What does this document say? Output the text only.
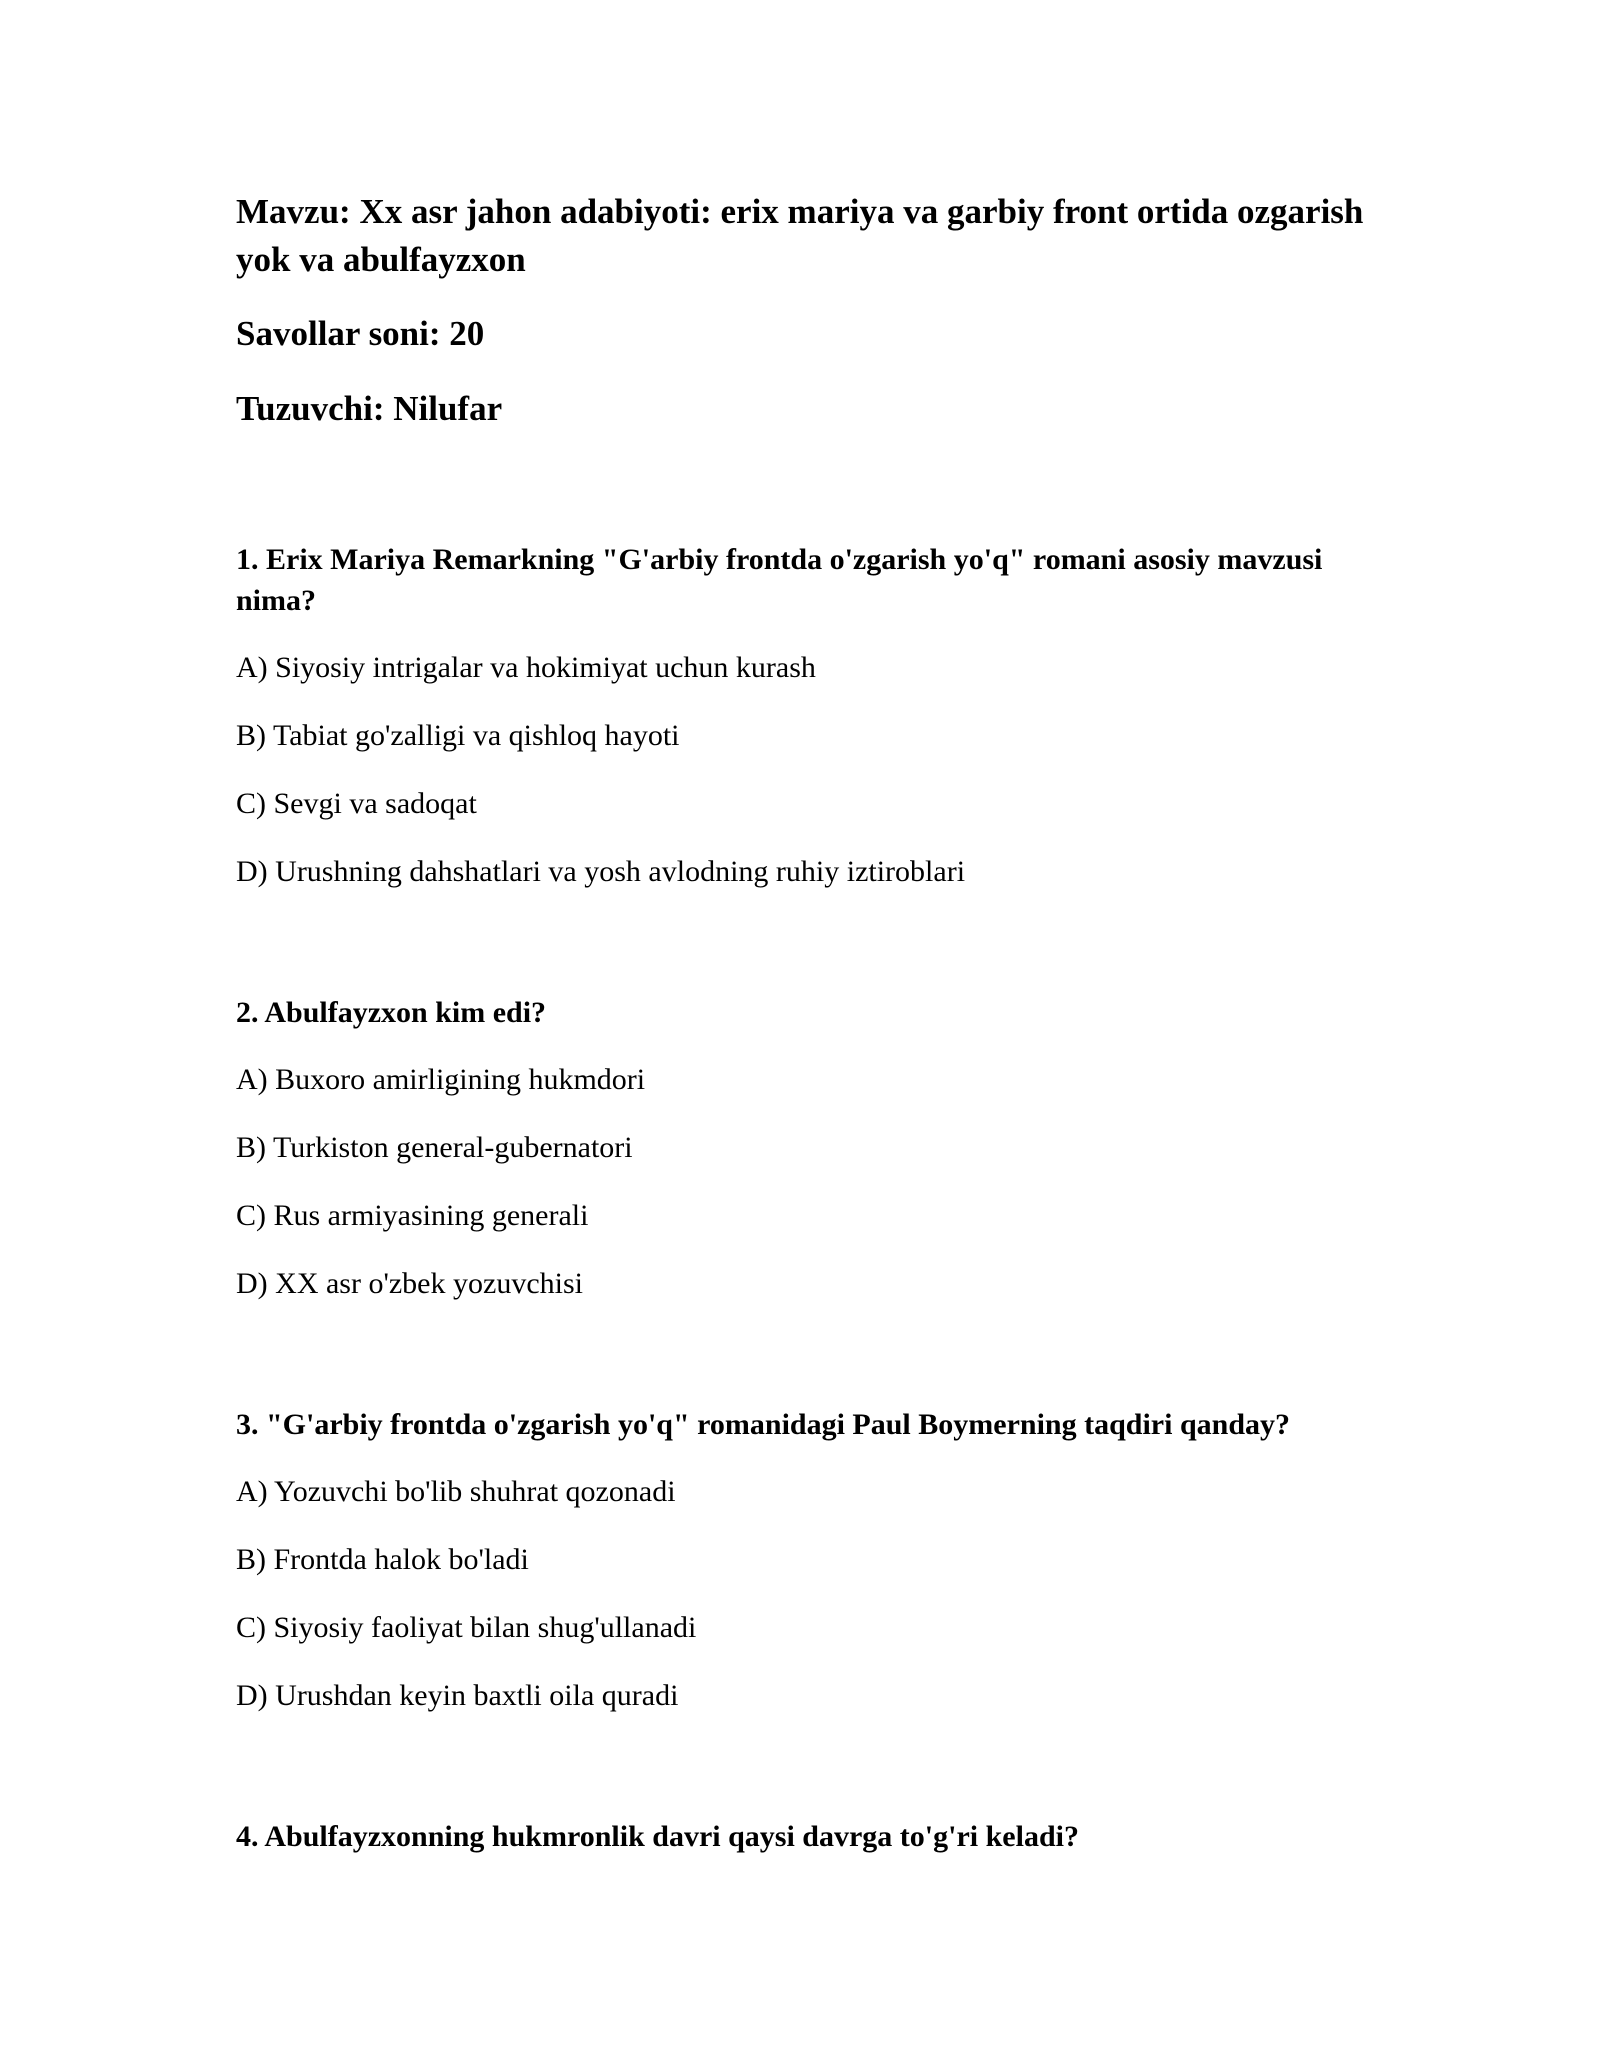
Mavzu: Xx asr jahon adabiyoti: erix mariya va garbiy front ortida ozgarish yok va abulfayzxon

Savollar soni: 20

Tuzuvchi: Nilufar

1. Erix Mariya Remarkning "G'arbiy frontda o'zgarish yo'q" romani asosiy mavzusi nima?

A) Siyosiy intrigalar va hokimiyat uchun kurash
B) Tabiat go'zalligi va qishloq hayoti
C) Sevgi va sadoqat
D) Urushning dahshatlari va yosh avlodning ruhiy iztiroblari

2. Abulfayzxon kim edi?

A) Buxoro amirligining hukmdori
B) Turkiston general-gubernatori
C) Rus armiyasining generali
D) XX asr o'zbek yozuvchisi

3. "G'arbiy frontda o'zgarish yo'q" romanidagi Paul Boymerning taqdiri qanday?

A) Yozuvchi bo'lib shuhrat qozonadi
B) Frontda halok bo'ladi
C) Siyosiy faoliyat bilan shug'ullanadi
D) Urushdan keyin baxtli oila quradi

4. Abulfayzxonning hukmronlik davri qaysi davrga to'g'ri keladi?
